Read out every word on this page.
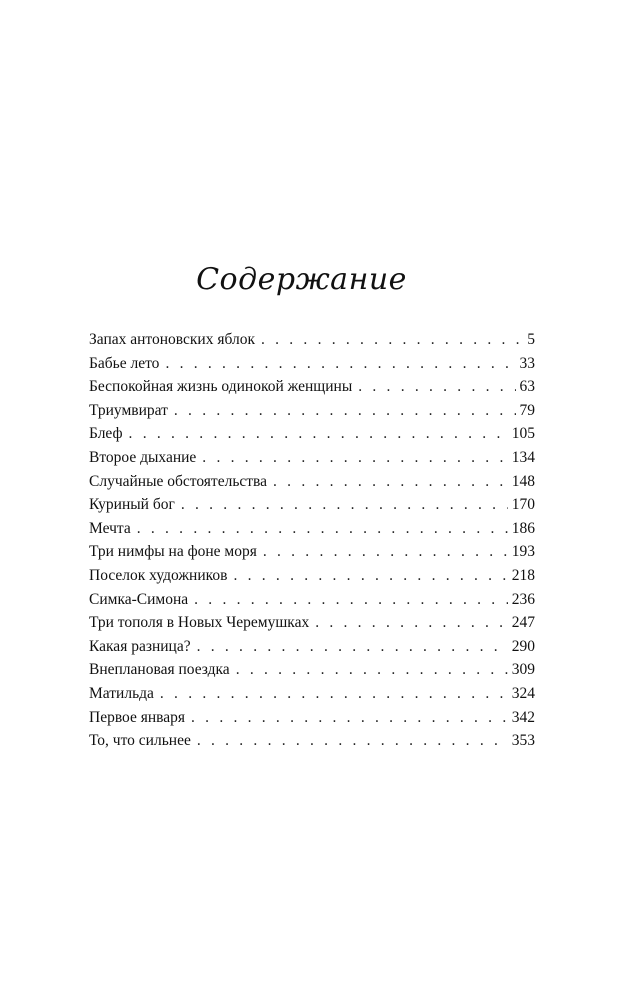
Содержание
Запах антоновских яблок . . .	5
Бабье лето . . .	33
Беспокойная жизнь одинокой женщины . . .	63
Триумвират . . .	79
Блеф . . .	105
Второе дыхание . . .	134
Случайные обстоятельства . . .	148
Куриный бог . . .	170
Мечта . . .	186
Три нимфы на фоне моря . . .	193
Поселок художников . . .	218
Симка-Симона . . .	236
Три тополя в Новых Черемушках . . .	247
Какая разница? . . .	290
Внеплановая поездка . . .	309
Матильда . . .	324
Первое января . . .	342
То, что сильнее . . .	353
